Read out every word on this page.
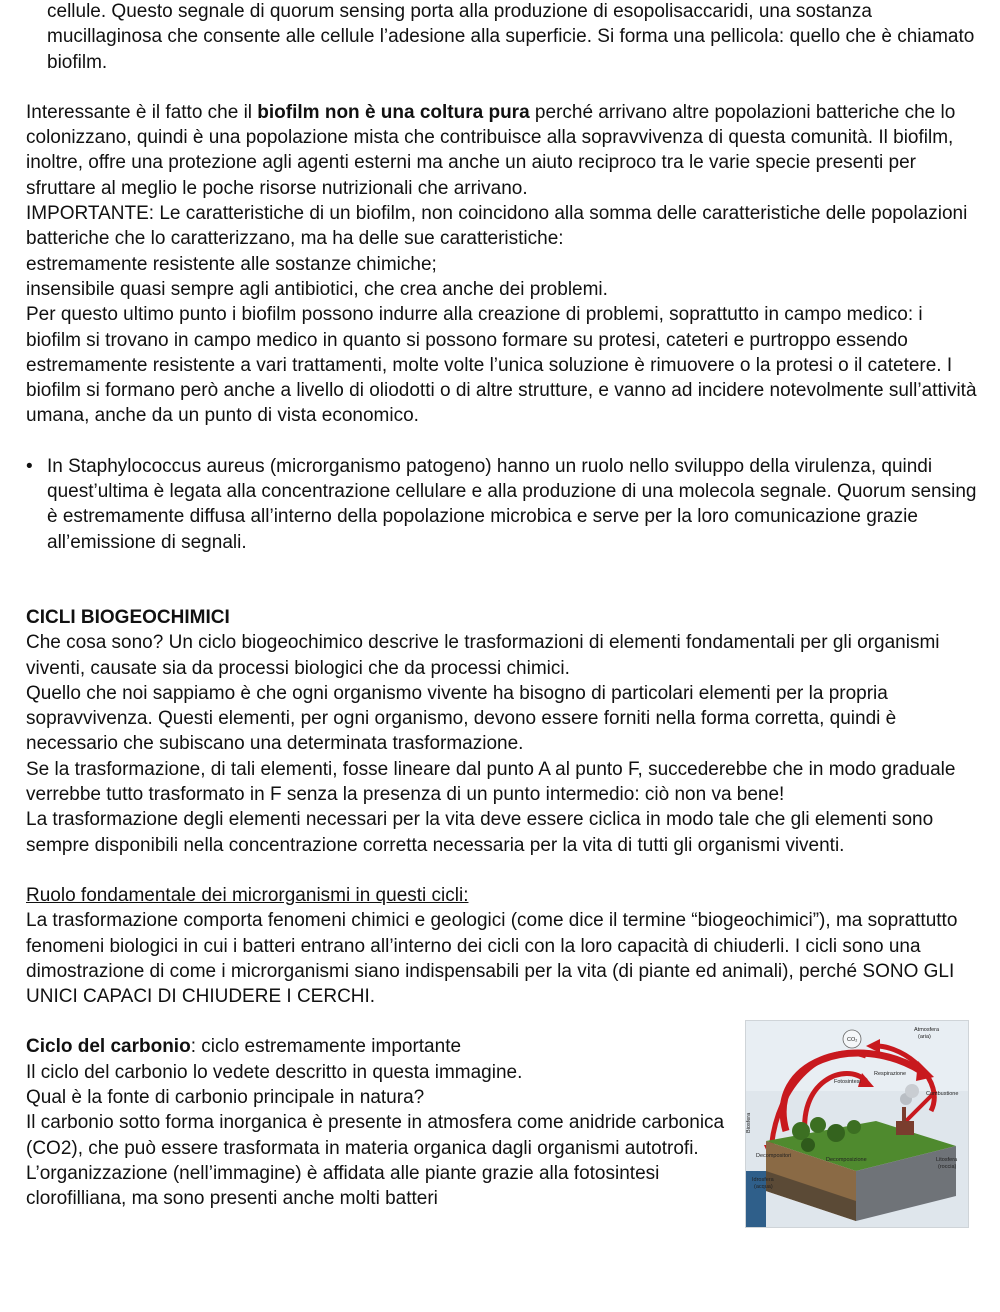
cellule. Questo segnale di quorum sensing porta alla produzione di esopolisaccaridi, una sostanza mucillaginosa che consente alle cellule l’adesione alla superficie. Si forma una pellicola: quello che è chiamato biofilm.

Interessante è il fatto che il biofilm non è una coltura pura perché arrivano altre popolazioni batteriche che lo colonizzano, quindi è una popolazione mista che contribuisce alla sopravvivenza di questa comunità. Il biofilm, inoltre, offre una protezione agli agenti esterni ma anche un aiuto reciproco tra le varie specie presenti per sfruttare al meglio le poche risorse nutrizionali che arrivano.

IMPORTANTE: Le caratteristiche di un biofilm, non coincidono alla somma delle caratteristiche delle popolazioni batteriche che lo caratterizzano, ma ha delle sue caratteristiche:

estremamente resistente alle sostanze chimiche;

insensibile quasi sempre agli antibiotici, che crea anche dei problemi.

Per questo ultimo punto i biofilm possono indurre alla creazione di problemi, soprattutto in campo medico: i biofilm si trovano in campo medico in quanto si possono formare su protesi, cateteri e purtroppo essendo estremamente resistente a vari trattamenti, molte volte l’unica soluzione è rimuovere o la protesi o il catetere. I biofilm si formano però anche a livello di oliodotti o di altre strutture, e vanno ad incidere notevolmente sull’attività umana, anche da un punto di vista economico.

• In Staphylococcus aureus (microrganismo patogeno) hanno un ruolo nello sviluppo della virulenza, quindi quest’ultima è legata alla concentrazione cellulare e alla produzione di una molecola segnale. Quorum sensing è estremamente diffusa all’interno della popolazione microbica e serve per la loro comunicazione grazie all’emissione di segnali.

CICLI BIOGEOCHIMICI

Che cosa sono? Un ciclo biogeochimico descrive le trasformazioni di elementi fondamentali per gli organismi viventi, causate sia da processi biologici che da processi chimici.

Quello che noi sappiamo è che ogni organismo vivente ha bisogno di particolari elementi per la propria sopravvivenza. Questi elementi, per ogni organismo, devono essere forniti nella forma corretta, quindi è necessario che subiscano una determinata trasformazione.

Se la trasformazione, di tali elementi, fosse lineare dal punto A al punto F, succederebbe che in modo graduale verrebbe tutto trasformato in F senza la presenza di un punto intermedio: ciò non va bene!

La trasformazione degli elementi necessari per la vita deve essere ciclica in modo tale che gli elementi sono sempre disponibili nella concentrazione corretta necessaria per la vita di tutti gli organismi viventi.

Ruolo fondamentale dei microrganismi in questi cicli:

La trasformazione comporta fenomeni chimici e geologici (come dice il termine “biogeochimici”), ma soprattutto fenomeni biologici in cui i batteri entrano all’interno dei cicli con la loro capacità di chiuderli. I cicli sono una dimostrazione di come i microrganismi siano indispensabili per la vita (di piante ed animali), perché SONO GLI UNICI CAPACI DI CHIUDERE I CERCHI.

Ciclo del carbonio: ciclo estremamente importante

Il ciclo del carbonio lo vedete descritto in questa immagine.

Qual è la fonte di carbonio principale in natura?

Il carbonio sotto forma inorganica è presente in atmosfera come anidride carbonica (CO2), che può essere trasformata in materia organica dagli organismi autotrofi. L’organizzazione (nell’immagine) è affidata alle piante grazie alla fotosintesi clorofilliana, ma sono presenti anche molti batteri

Atmosfera
(aria)
CO₂
Respirazione
Fotosintesi
Combustione
Decomposizione
Decompositori
Litosfera
(roccia)
Idrosfera
(acqua)
Biosfera
